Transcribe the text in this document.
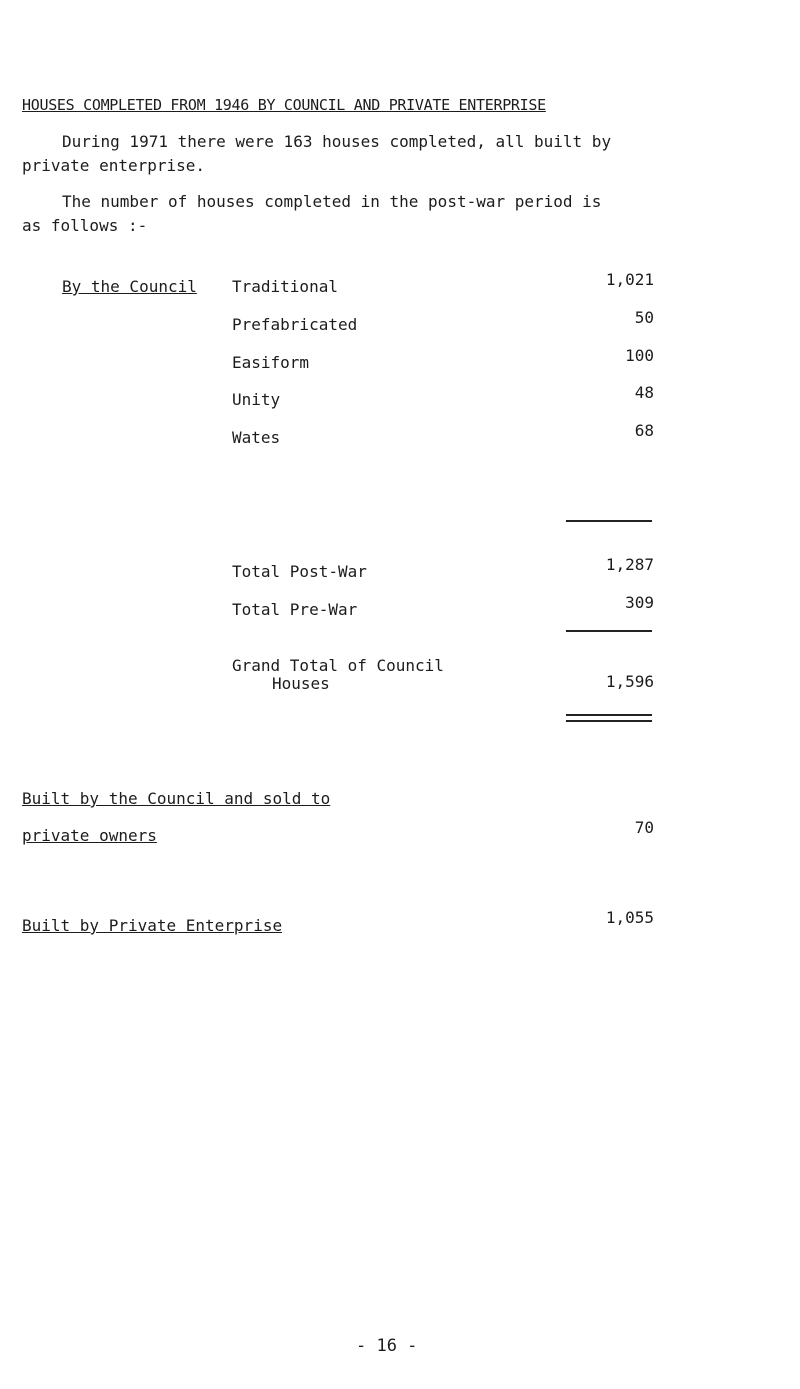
HOUSES COMPLETED FROM 1946 BY COUNCIL AND PRIVATE ENTERPRISE
During 1971 there were 163 houses completed, all built by
private enterprise.
The number of houses completed in the post-war period is
as follows :-
By the Council Traditional	1,021
Prefabricated	50
Easiform	100
Unity	48
Wates	68
Total Post-War	1,287
Total Pre-War	309
Grand Total of Council
Houses	1,596
Built by the Council and sold to
private owners	70
Built by Private Enterprise	1,055
- 16 -
